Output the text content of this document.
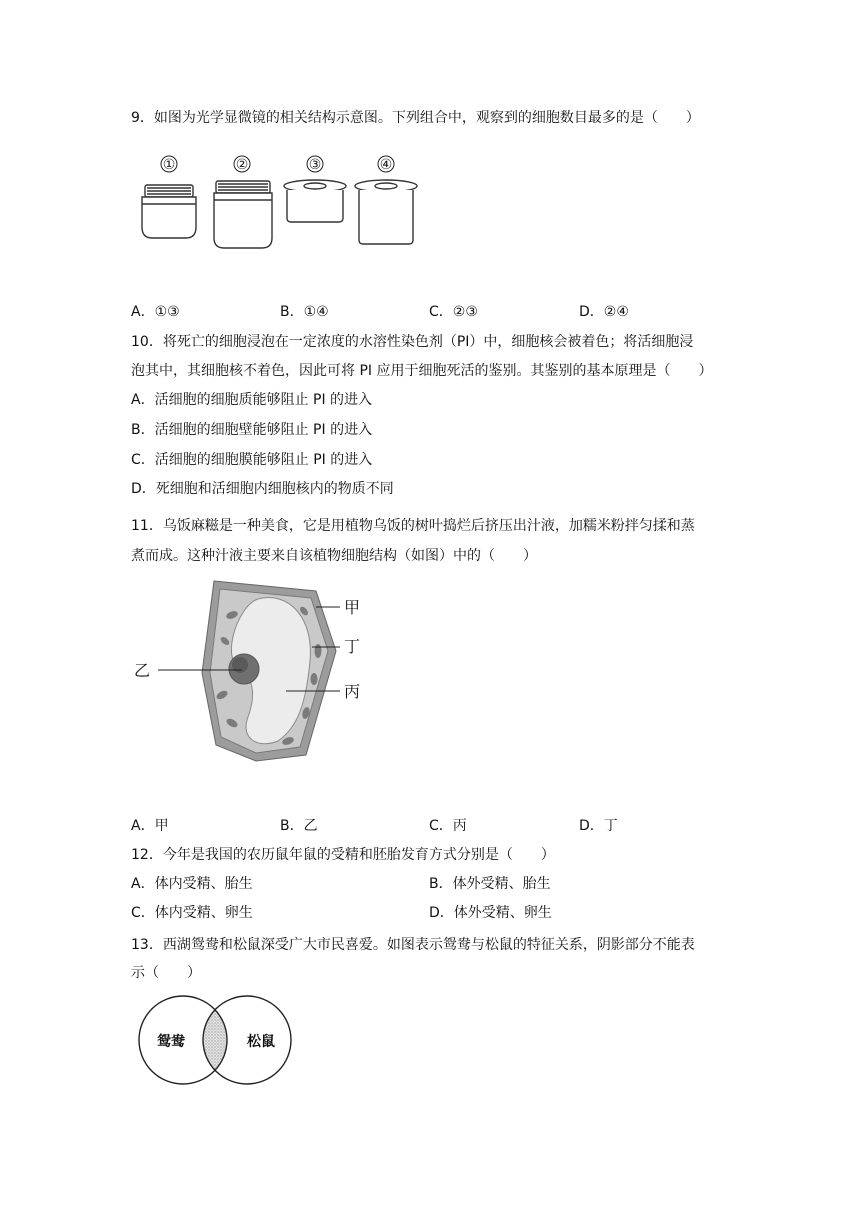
9．如图为光学显微镜的相关结构示意图。下列组合中，观察到的细胞数目最多的是（　　）
①	②	③	④
A．①③	B．①④	C．②③	D．②④
10．将死亡的细胞浸泡在一定浓度的水溶性染色剂（PI）中，细胞核会被着色；将活细胞浸
泡其中，其细胞核不着色，因此可将 PI 应用于细胞死活的鉴别。其鉴别的基本原理是（　　）
A．活细胞的细胞质能够阻止 PI 的进入
B．活细胞的细胞壁能够阻止 PI 的进入
C．活细胞的细胞膜能够阻止 PI 的进入
D．死细胞和活细胞内细胞核内的物质不同
11．乌饭麻糍是一种美食，它是用植物乌饭的树叶捣烂后挤压出汁液，加糯米粉拌匀揉和蒸
煮而成。这种汁液主要来自该植物细胞结构（如图）中的（　　）
甲
丁
丙
乙
A．甲	B．乙	C．丙	D．丁
12．今年是我国的农历鼠年鼠的受精和胚胎发育方式分别是（　　）
A．体内受精、胎生	B．体外受精、胎生
C．体内受精、卵生	D．体外受精、卵生
13．西湖鸳鸯和松鼠深受广大市民喜爱。如图表示鸳鸯与松鼠的特征关系，阴影部分不能表
示（　　）
鸳鸯	松鼠
